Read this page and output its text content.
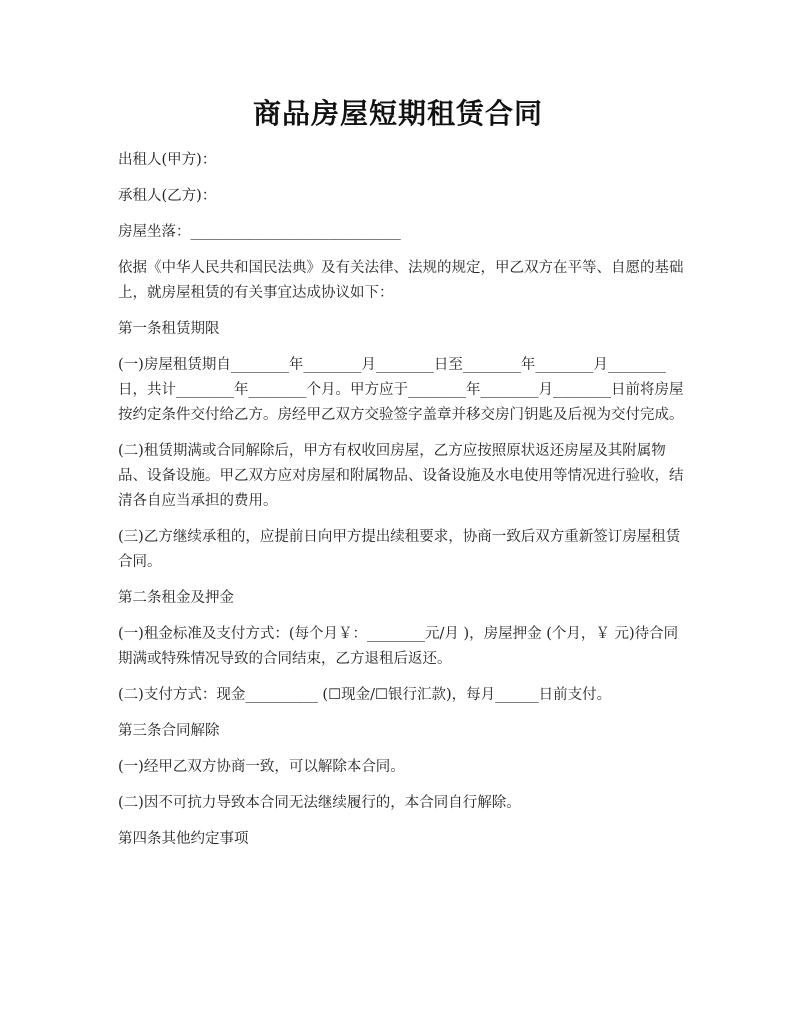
商品房屋短期租赁合同

出租人(甲方)：

承租人(乙方)：

房屋坐落：_____________________________

依据《中华人民共和国民法典》及有关法律、法规的规定，甲乙双方在平等、自愿的基础上，就房屋租赁的有关事宜达成协议如下：

第一条租赁期限

(一)房屋租赁期自________年________月________日至________年________月________日，共计________年________个月。甲方应于________年________月________日前将房屋按约定条件交付给乙方。房经甲乙双方交验签字盖章并移交房门钥匙及后视为交付完成。

(二)租赁期满或合同解除后，甲方有权收回房屋，乙方应按照原状返还房屋及其附属物品、设备设施。甲乙双方应对房屋和附属物品、设备设施及水电使用等情况进行验收，结清各自应当承担的费用。

(三)乙方继续承租的，应提前日向甲方提出续租要求，协商一致后双方重新签订房屋租赁合同。

第二条租金及押金

(一)租金标准及支付方式：(每个月￥：________元/月 )，房屋押金 (个月，￥ 元)待合同期满或特殊情况导致的合同结束，乙方退租后返还。

(二)支付方式：现金__________ (☐现金/☐银行汇款)，每月______日前支付。

第三条合同解除

(一)经甲乙双方协商一致，可以解除本合同。

(二)因不可抗力导致本合同无法继续履行的，本合同自行解除。

第四条其他约定事项
